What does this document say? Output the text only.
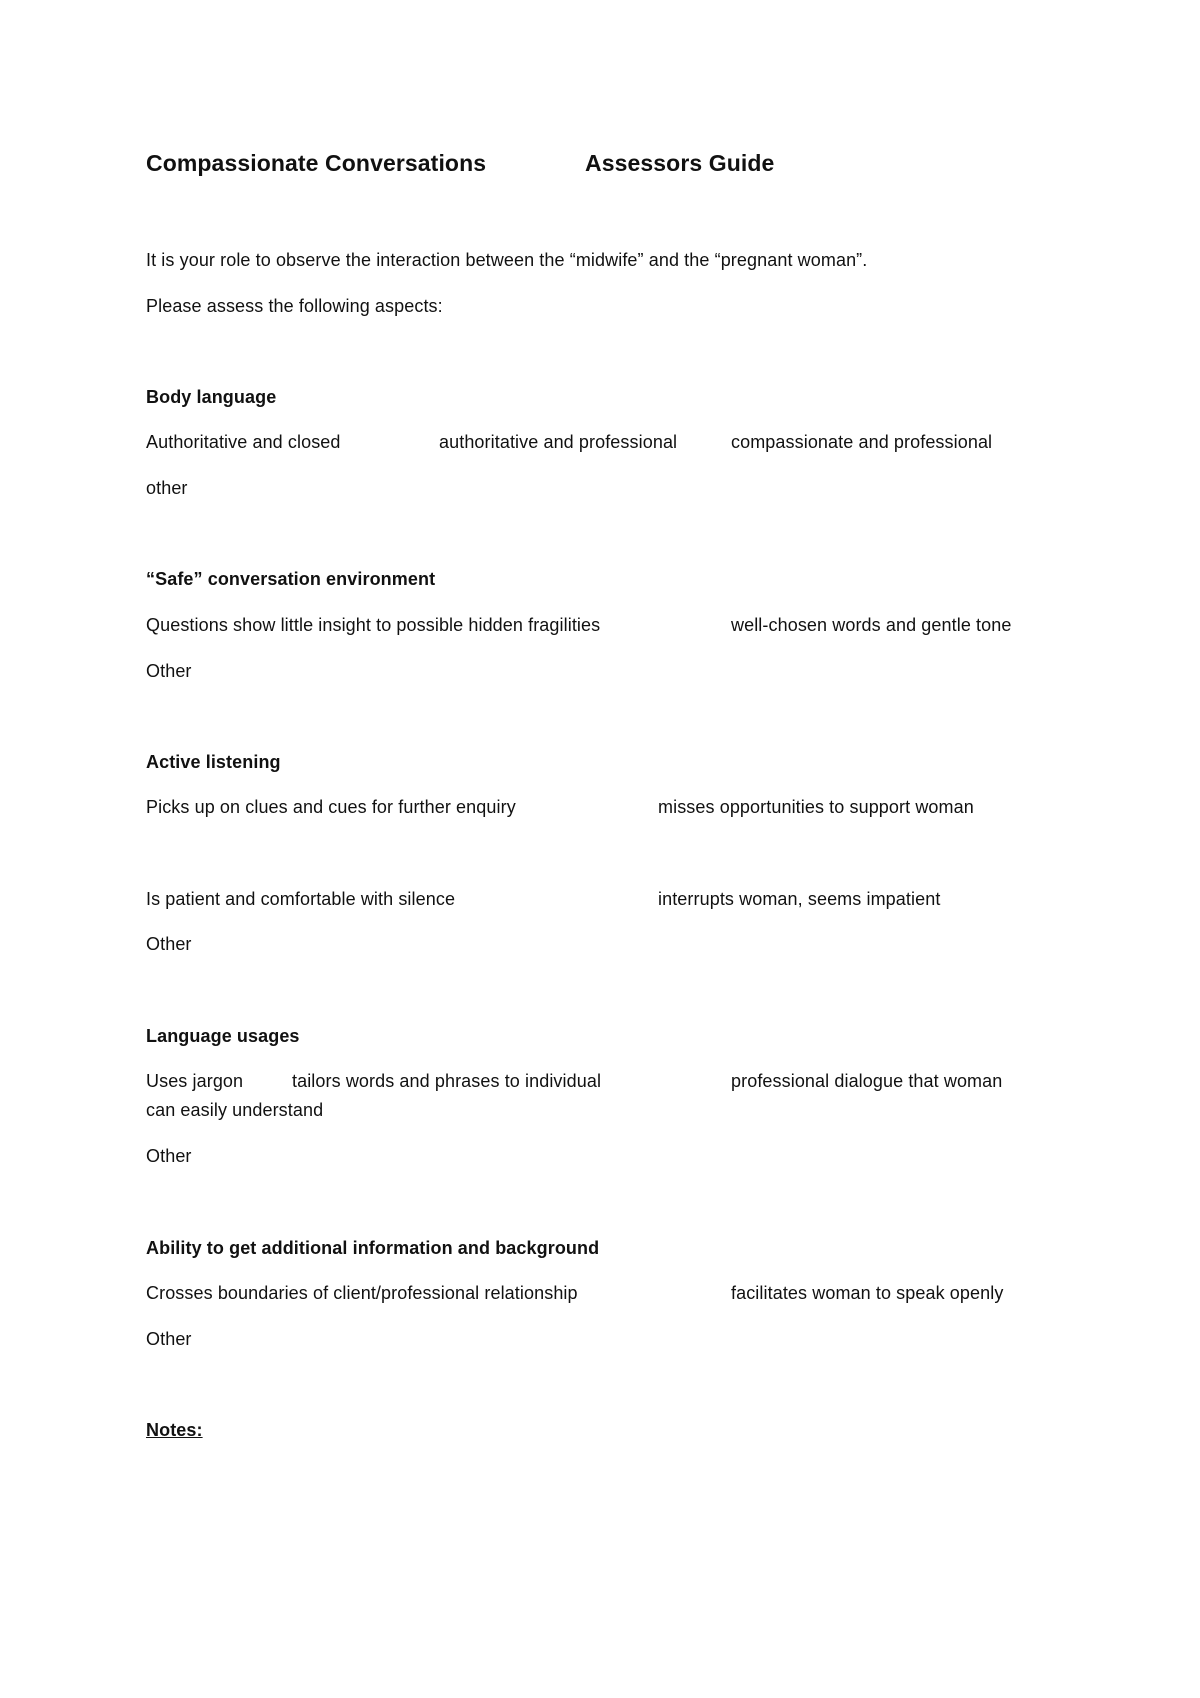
Compassionate Conversations	Assessors Guide
It is your role to observe the interaction between the “midwife” and the “pregnant woman”.
Please assess the following aspects:
Body language
Authoritative and closed	authoritative and professional	compassionate and professional
other
“Safe” conversation environment
Questions show little insight to possible hidden fragilities	well-chosen words and gentle tone
Other
Active listening
Picks up on clues and cues for further enquiry	misses opportunities to support woman
Is patient and comfortable with silence	interrupts woman, seems impatient
Other
Language usages
Uses jargon	tailors words and phrases to individual	professional dialogue that woman
can easily understand
Other
Ability to get additional information and background
Crosses boundaries of client/professional relationship	facilitates woman to speak openly
Other
Notes:
